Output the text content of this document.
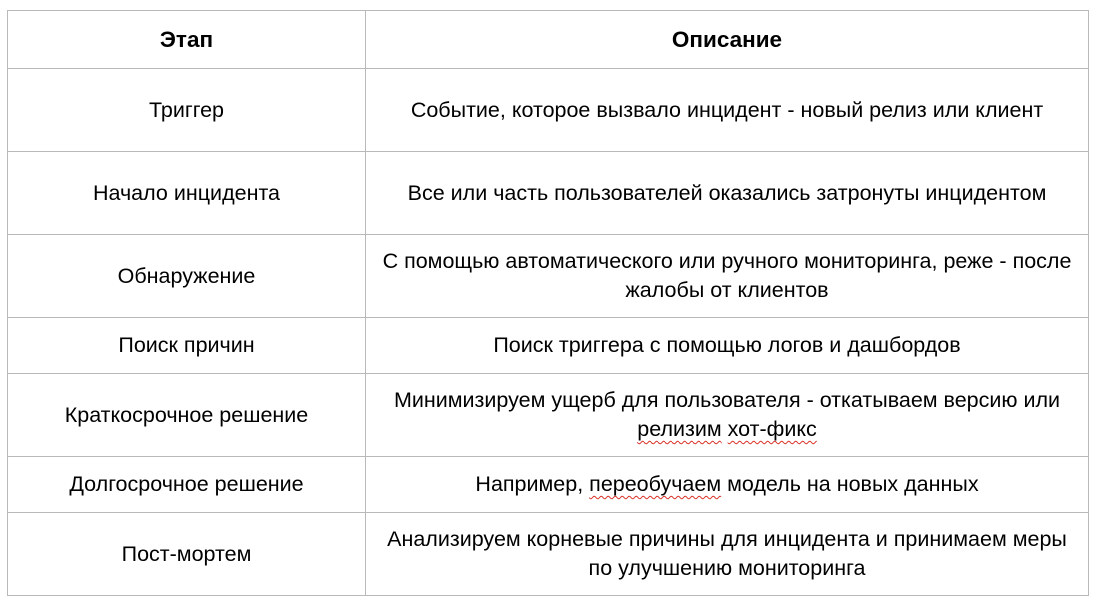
Этап	Описание
Триггер	Событие, которое вызвало инцидент - новый релиз или клиент
Начало инцидента	Все или часть пользователей оказались затронуты инцидентом
Обнаружение	С помощью автоматического или ручного мониторинга, реже - после жалобы от клиентов
Поиск причин	Поиск триггера с помощью логов и дашбордов
Краткосрочное решение	Минимизируем ущерб для пользователя - откатываем версию или релизим хот-фикс
Долгосрочное решение	Например, переобучаем модель на новых данных
Пост-мортем	Анализируем корневые причины для инцидента и принимаем меры по улучшению мониторинга
